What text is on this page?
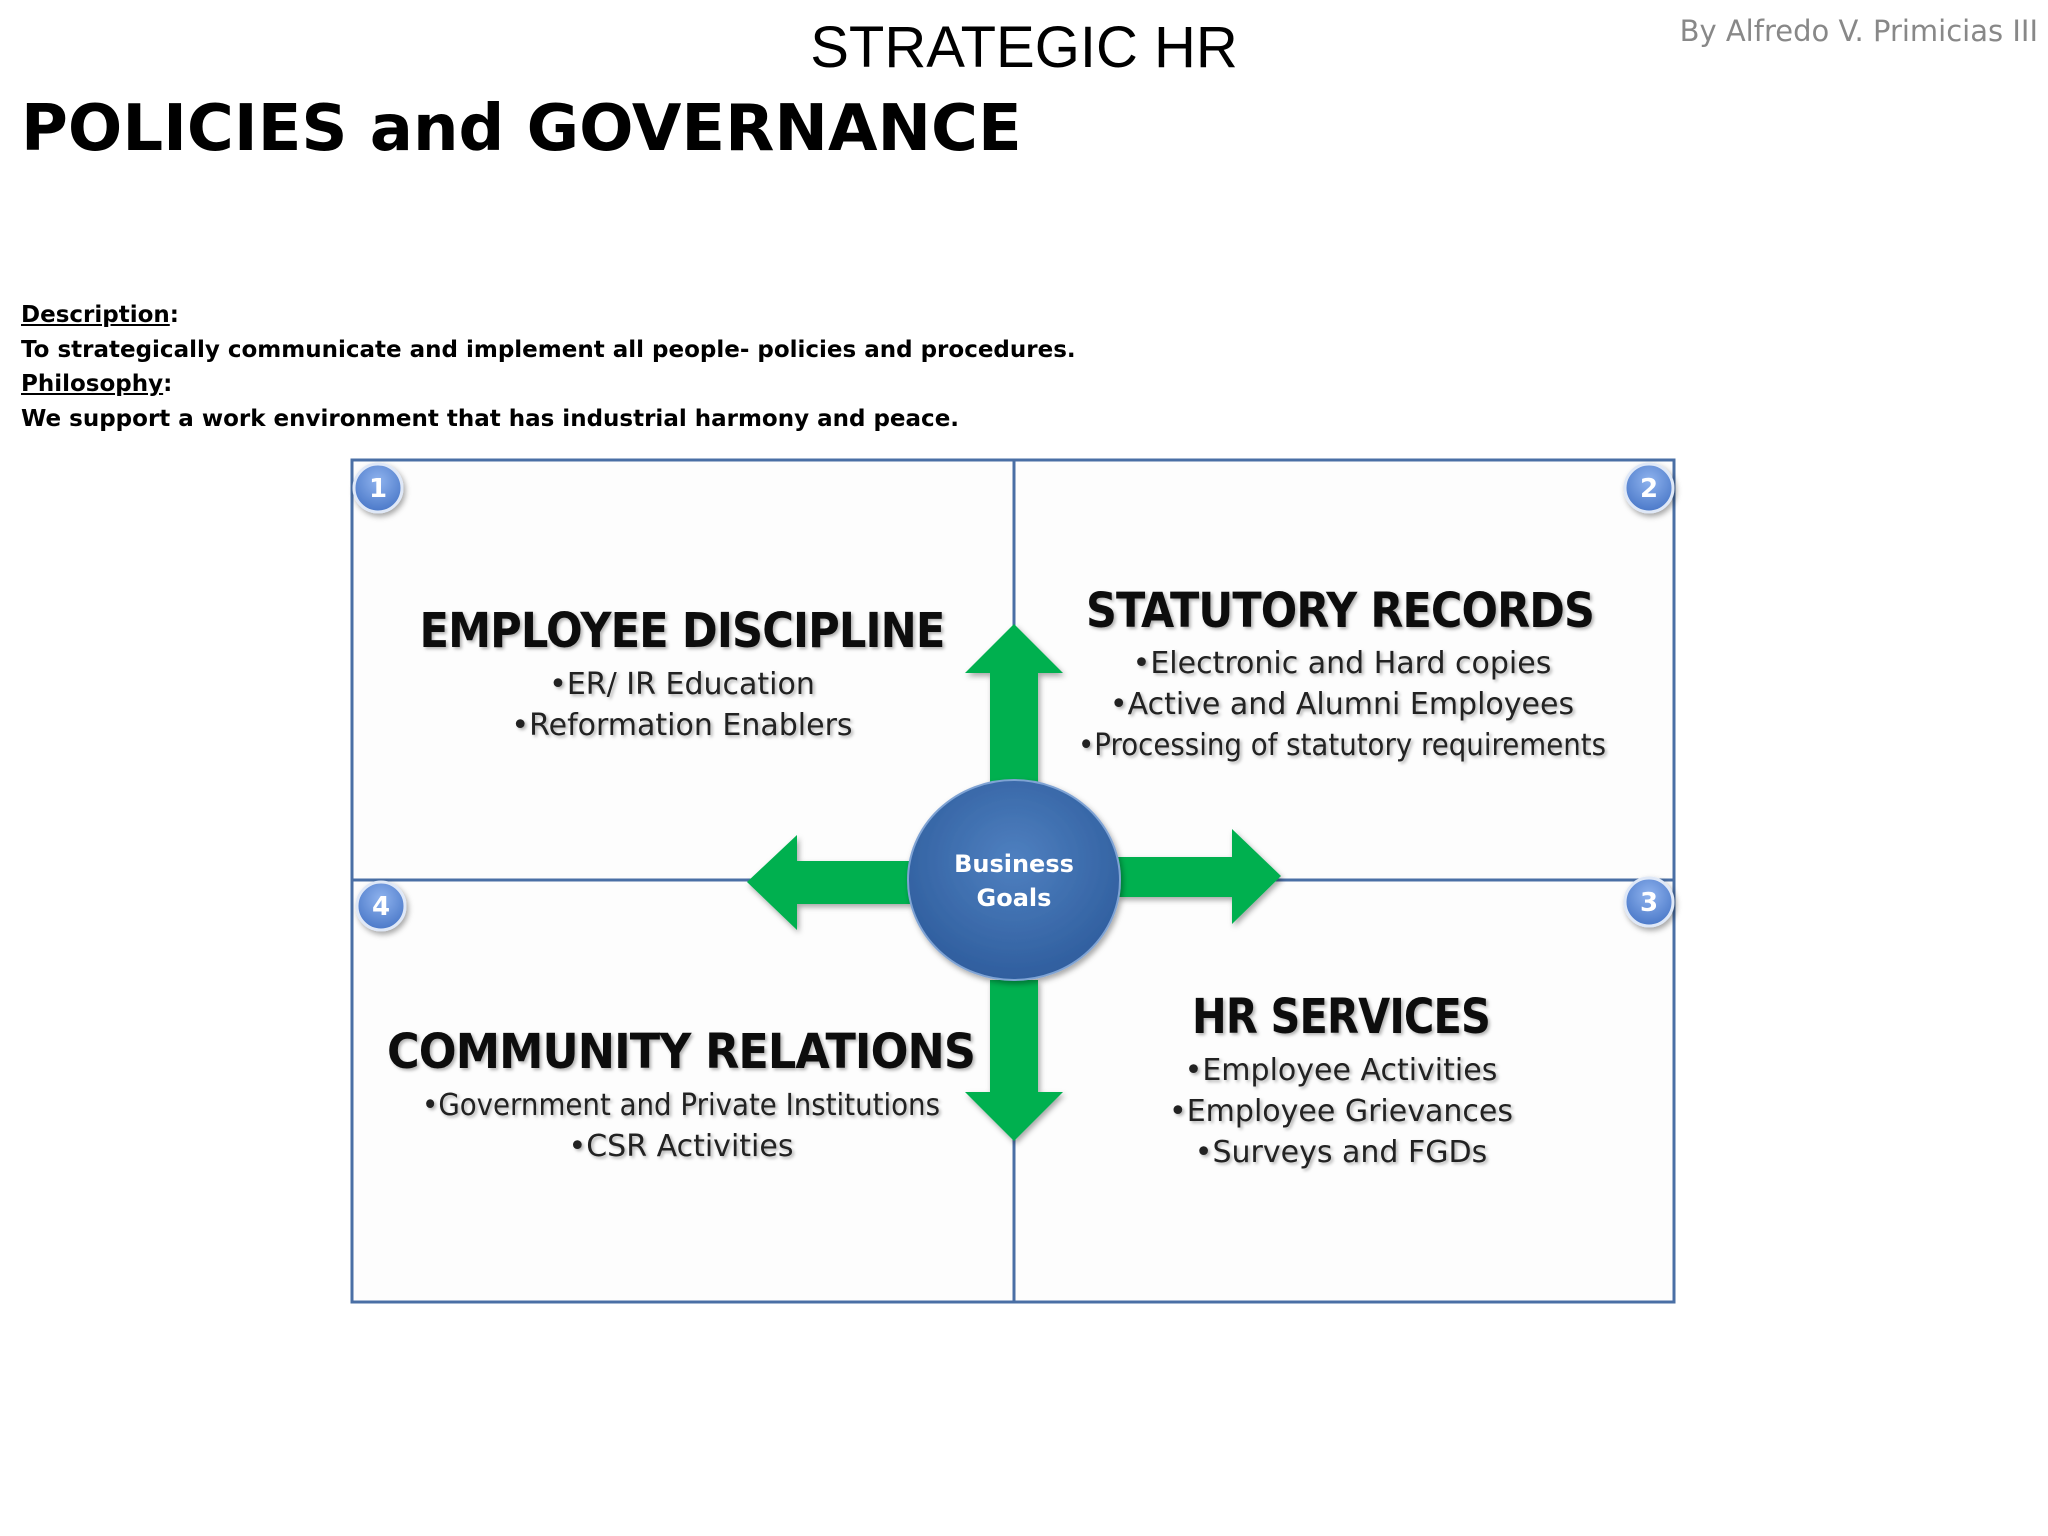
STRATEGIC HR	By Alfredo V. Primicias III
POLICIES and GOVERNANCE
Description:
To strategically communicate and implement all people- policies and procedures.
Philosophy:
We support a work environment that has industrial harmony and peace.
Business
Goals
1	2
3
4
EMPLOYEE DISCIPLINE
•ER/ IR Education
•Reformation Enablers
STATUTORY RECORDS
•Electronic and Hard copies
•Active and Alumni Employees
•Processing of statutory requirements
HR SERVICES
•Employee Activities
•Employee Grievances
•Surveys and FGDs
COMMUNITY RELATIONS
•Government and Private Institutions
•CSR Activities
